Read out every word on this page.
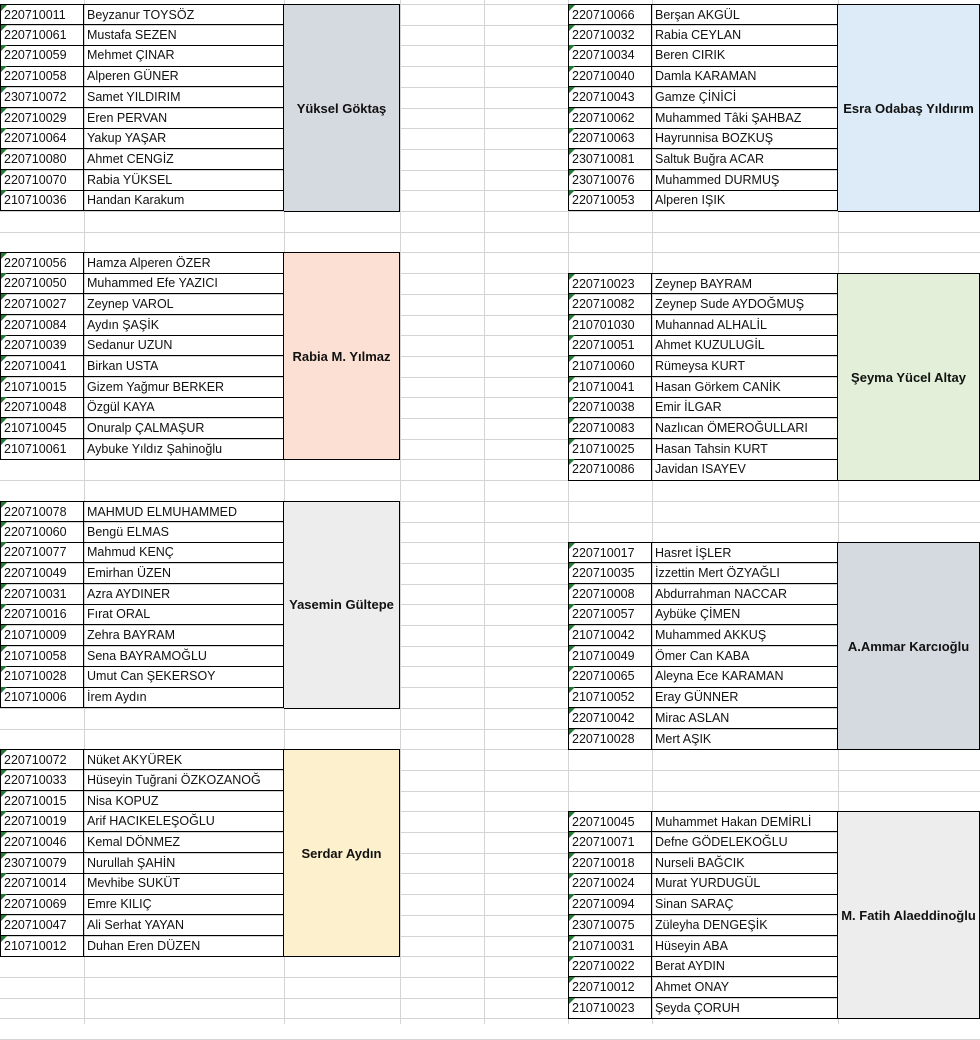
220710011	Beyzanur TOYSÖZ
220710061	Mustafa SEZEN
220710059	Mehmet ÇINAR
220710058	Alperen GÜNER
230710072	Samet YILDIRIM
220710029	Eren PERVAN
220710064	Yakup YAŞAR
220710080	Ahmet CENGİZ
220710070	Rabia YÜKSEL
210710036	Handan Karakum
Yüksel Göktaş
220710056	Hamza Alperen ÖZER
220710050	Muhammed Efe YAZICI
220710027	Zeynep VAROL
220710084	Aydın ŞAŞİK
220710039	Sedanur UZUN
220710041	Birkan USTA
210710015	Gizem Yağmur BERKER
220710048	Özgül KAYA
210710045	Onuralp ÇALMAŞUR
210710061	Aybuke Yıldız Şahinoğlu
Rabia M. Yılmaz
220710078	MAHMUD ELMUHAMMED
220710060	Bengü ELMAS
220710077	Mahmud KENÇ
220710049	Emirhan ÜZEN
220710031	Azra AYDINER
220710016	Fırat ORAL
210710009	Zehra BAYRAM
210710058	Sena BAYRAMOĞLU
210710028	Umut Can ŞEKERSOY
210710006	İrem Aydın
Yasemin Gültepe
220710072	Nüket AKYÜREK
220710033	Hüseyin Tuğrani ÖZKOZANOĞ
220710015	Nisa KOPUZ
220710019	Arif HACIKELEŞOĞLU
220710046	Kemal DÖNMEZ
230710079	Nurullah ŞAHİN
220710014	Mevhibe SUKÜT
220710069	Emre KILIÇ
220710047	Ali Serhat YAYAN
210710012	Duhan Eren DÜZEN
Serdar Aydın
220710066	Berşan AKGÜL
220710032	Rabia CEYLAN
220710034	Beren CIRIK
220710040	Damla KARAMAN
220710043	Gamze ÇİNİCİ
220710062	Muhammed Tâki ŞAHBAZ
220710063	Hayrunnisa BOZKUŞ
230710081	Saltuk Buğra ACAR
230710076	Muhammed DURMUŞ
220710053	Alperen IŞIK
Esra Odabaş Yıldırım
220710023	Zeynep BAYRAM
220710082	Zeynep Sude AYDOĞMUŞ
210701030	Muhannad ALHALİL
220710051	Ahmet KUZULUGİL
210710060	Rümeysa KURT
210710041	Hasan Görkem CANİK
220710038	Emir İLGAR
220710083	Nazlıcan ÖMEROĞULLARI
210710025	Hasan Tahsin KURT
220710086	Javidan ISAYEV
Şeyma Yücel Altay
220710017	Hasret İŞLER
220710035	İzzettin Mert ÖZYAĞLI
220710008	Abdurrahman NACCAR
220710057	Aybüke ÇİMEN
210710042	Muhammed AKKUŞ
210710049	Ömer Can KABA
220710065	Aleyna Ece KARAMAN
210710052	Eray GÜNNER
220710042	Mirac ASLAN
220710028	Mert AŞIK
A.Ammar Karcıoğlu
220710045	Muhammet Hakan DEMİRLİ
220710071	Defne GÖDELEKOĞLU
220710018	Nurseli BAĞCIK
220710024	Murat YURDUGÜL
220710094	Sinan SARAÇ
230710075	Züleyha DENGEŞİK
210710031	Hüseyin ABA
220710022	Berat AYDIN
220710012	Ahmet ONAY
210710023	Şeyda ÇORUH
M. Fatih Alaeddinoğlu
